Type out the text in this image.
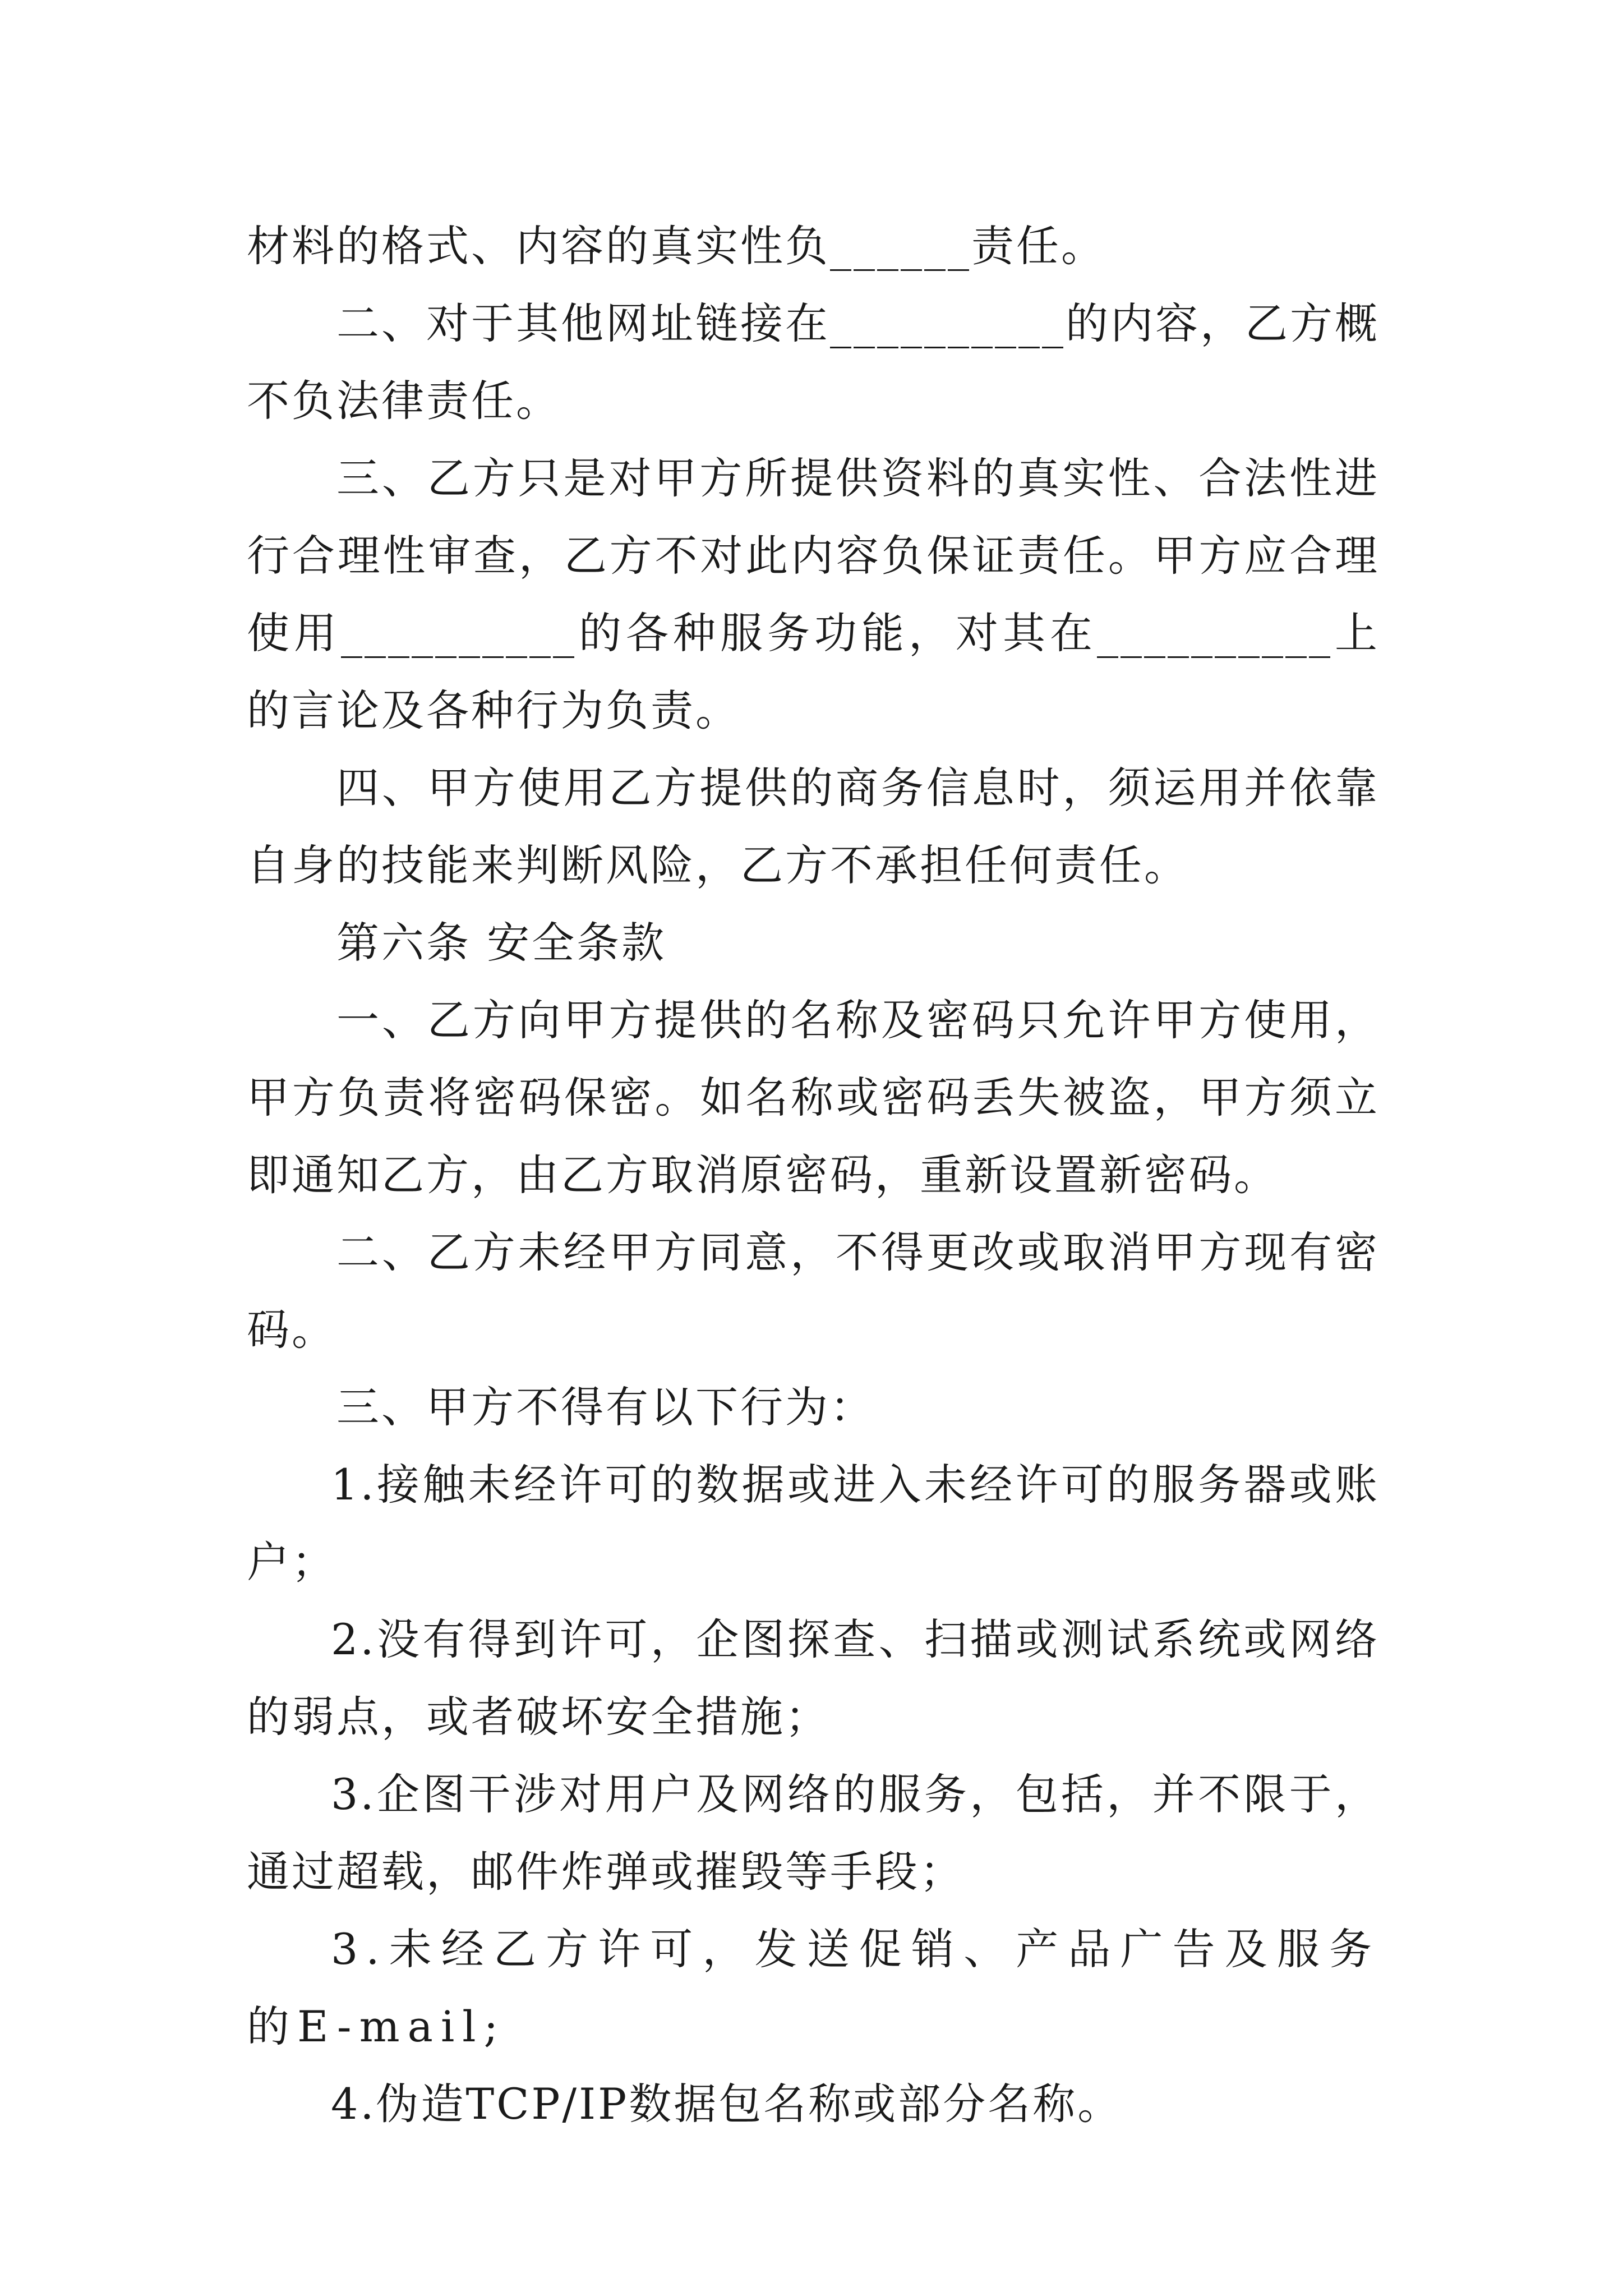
材料的格式、内容的真实性负______责任。

二、对于其他网址链接在__________的内容，乙方概不负法律责任。

三、乙方只是对甲方所提供资料的真实性、合法性进行合理性审查，乙方不对此内容负保证责任。甲方应合理使用__________的各种服务功能，对其在__________上的言论及各种行为负责。

四、甲方使用乙方提供的商务信息时，须运用并依靠自身的技能来判断风险，乙方不承担任何责任。

第六条 安全条款

一、乙方向甲方提供的名称及密码只允许甲方使用，甲方负责将密码保密。如名称或密码丢失被盗，甲方须立即通知乙方，由乙方取消原密码，重新设置新密码。

二、乙方未经甲方同意，不得更改或取消甲方现有密码。

三、甲方不得有以下行为：

1.接触未经许可的数据或进入未经许可的服务器或账户；

2.没有得到许可，企图探查、扫描或测试系统或网络的弱点，或者破坏安全措施；

3.企图干涉对用户及网络的服务，包括，并不限于，通过超载，邮件炸弹或摧毁等手段；

3.未经乙方许可，发送促销、产品广告及服务的E-mail;

4.伪造TCP/IP数据包名称或部分名称。
